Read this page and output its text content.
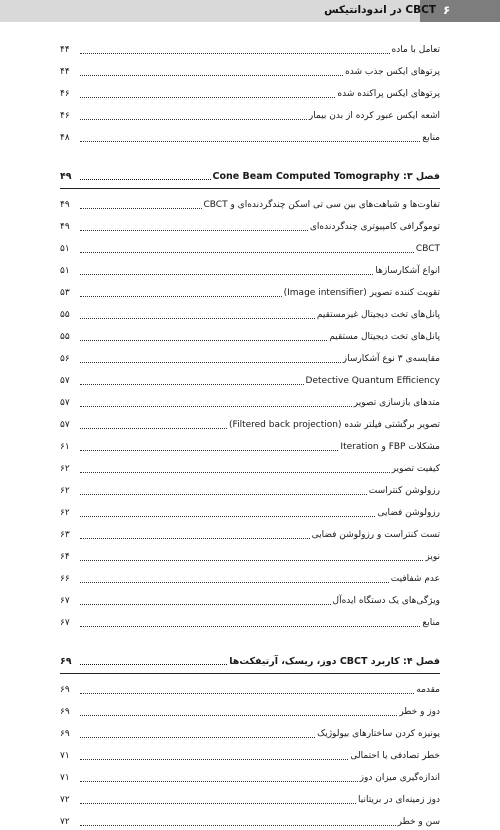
۶
CBCT در اندودانتیکس
تعامل با ماده
۴۴
پرتوهای ایکس جذب شده
۴۴
پرتوهای ایکس پراکنده شده
۴۶
اشعه ایکس عبور کرده از بدن بیمار
۴۶
منابع
۴۸
فصل ۳: Cone Beam Computed Tomography
۴۹
تفاوت‌ها و شباهت‌های بین سی تی اسکن چندگردنده‌ای و CBCT
۴۹
توموگرافی کامپیوتری چندگردنده‌ای
۴۹
CBCT
۵۱
انواع آشکارسازها
۵۱
تقویت کننده تصویر (Image intensifier)
۵۳
پانل‌های تخت دیجیتال غیرمستقیم
۵۵
پانل‌های تخت دیجیتال مستقیم
۵۵
مقایسه‌ی ۳ نوع آشکارساز
۵۶
Detective Quantum Efficiency
۵۷
متدهای بازسازی تصویر
۵۷
تصویر برگشتی فیلتر شده (Filtered back projection)
۵۷
مشکلات FBP و Iteration
۶۱
کیفیت تصویر
۶۲
رزولوشن کنتراست
۶۲
رزولوشن فضایی
۶۲
تست کنتراست و رزولوشن فضایی
۶۳
نویز
۶۴
عدم شفافیت
۶۶
ویژگی‌های یک دستگاه ایده‌آل
۶۷
منابع
۶۷
فصل ۴: کاربرد CBCT دوز، ریسک، آرتیفکت‌ها
۶۹
مقدمه
۶۹
دوز و خطر
۶۹
یونیزه کردن ساختارهای بیولوژیک
۶۹
خطر تصادفی یا احتمالی
۷۱
اندازه‌گیری میزان دوز
۷۱
دوز زمینه‌ای در بریتانیا
۷۲
سن و خطر
۷۲
